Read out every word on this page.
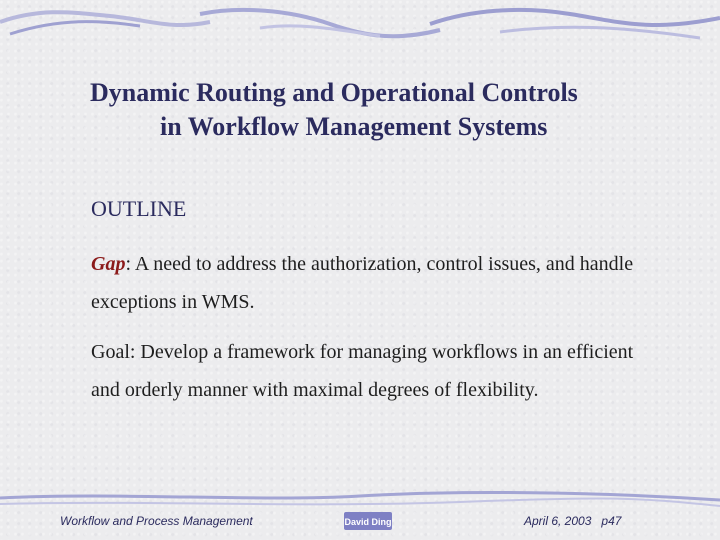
Dynamic Routing and Operational Controls
in Workflow Management Systems
OUTLINE
Gap: A need to address the authorization, control issues, and handle exceptions in WMS.
Goal: Develop a framework for managing workflows in an efficient and orderly manner with maximal degrees of flexibility.
Workflow and Process Management	David Ding	April 6, 2003 p47
